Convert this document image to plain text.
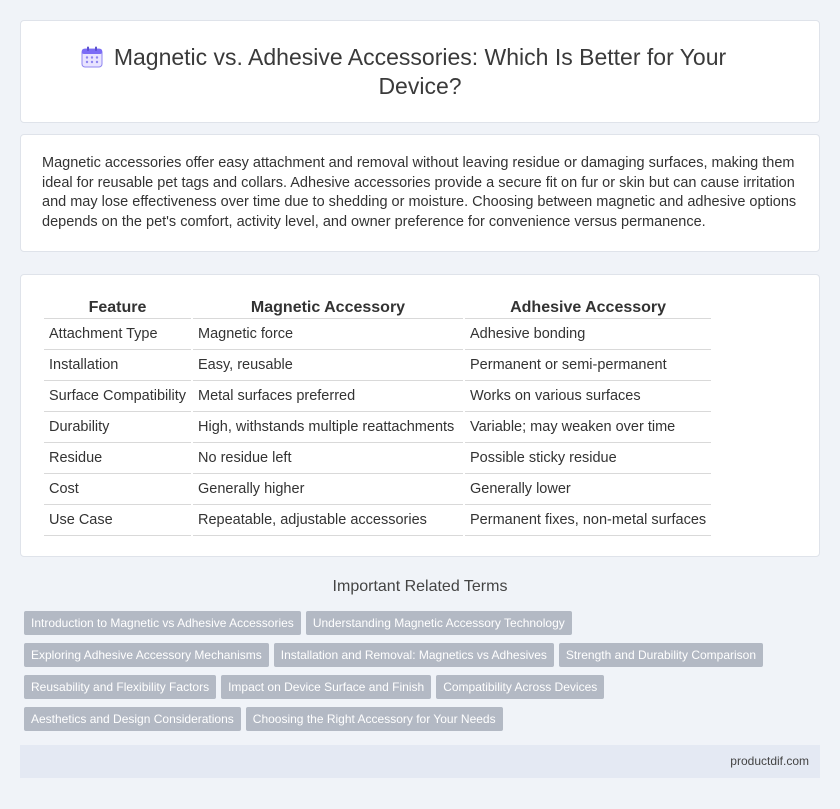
Magnetic vs. Adhesive Accessories: Which Is Better for Your Device?

Magnetic accessories offer easy attachment and removal without leaving residue or damaging surfaces, making them ideal for reusable pet tags and collars. Adhesive accessories provide a secure fit on fur or skin but can cause irritation and may lose effectiveness over time due to shedding or moisture. Choosing between magnetic and adhesive options depends on the pet's comfort, activity level, and owner preference for convenience versus permanence.

Feature	Magnetic Accessory	Adhesive Accessory
Attachment Type	Magnetic force	Adhesive bonding
Installation	Easy, reusable	Permanent or semi-permanent
Surface Compatibility	Metal surfaces preferred	Works on various surfaces
Durability	High, withstands multiple reattachments	Variable; may weaken over time
Residue	No residue left	Possible sticky residue
Cost	Generally higher	Generally lower
Use Case	Repeatable, adjustable accessories	Permanent fixes, non-metal surfaces
Important Related Terms
Introduction to Magnetic vs Adhesive Accessories Understanding Magnetic Accessory Technology
Exploring Adhesive Accessory Mechanisms Installation and Removal: Magnetics vs Adhesives Strength and Durability Comparison
Reusability and Flexibility Factors Impact on Device Surface and Finish Compatibility Across Devices
Aesthetics and Design Considerations Choosing the Right Accessory for Your Needs
productdif.com
